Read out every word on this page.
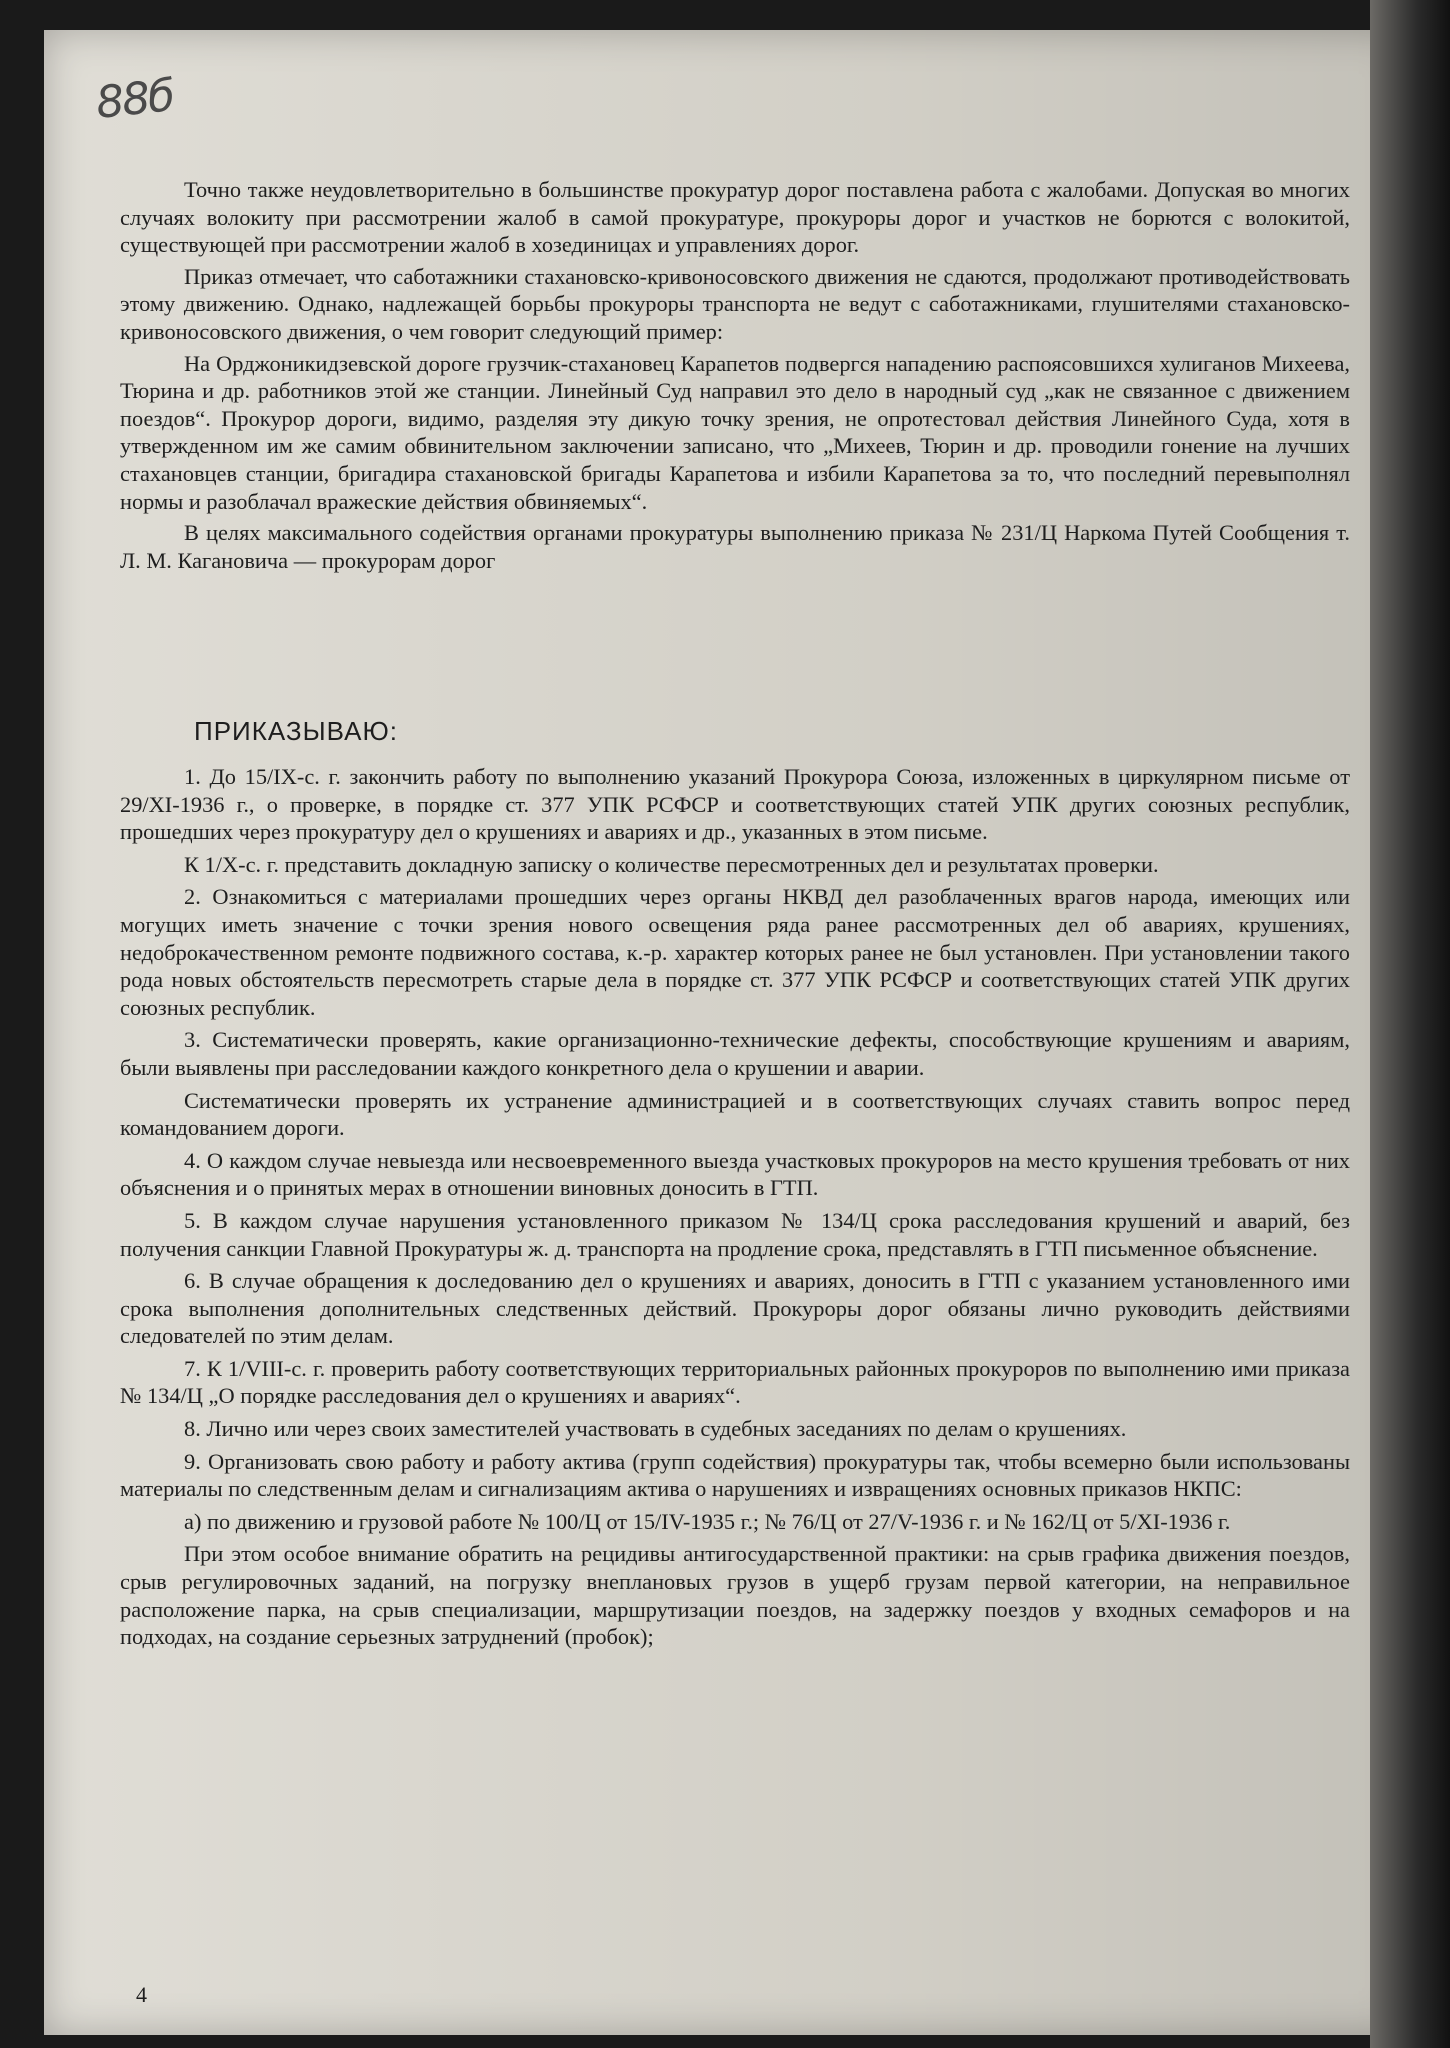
88б

Точно также неудовлетворительно в большинстве прокуратур дорог поставлена работа с жалобами. Допуская во многих случаях волокиту при рассмотрении жалоб в самой прокуратуре, прокуроры дорог и участков не борются с волокитой, существующей при рассмотрении жалоб в хозединицах и управлениях дорог.

Приказ отмечает, что саботажники стахановско-кривоносовского движения не сдаются, продолжают противодействовать этому движению. Однако, надлежащей борьбы прокуроры транспорта не ведут с саботажниками, глушителями стахановско-кривоносовского движения, о чем говорит следующий пример:

На Орджоникидзевской дороге грузчик-стахановец Карапетов подвергся нападению распоясовшихся хулиганов Михеева, Тюрина и др. работников этой же станции. Линейный Суд направил это дело в народный суд „как не связанное с движением поездов“. Прокурор дороги, видимо, разделяя эту дикую точку зрения, не опротестовал действия Линейного Суда, хотя в утвержденном им же самим обвинительном заключении записано, что „Михеев, Тюрин и др. проводили гонение на лучших стахановцев станции, бригадира стахановской бригады Карапетова и избили Карапетова за то, что последний перевыполнял нормы и разоблачал вражеские действия обвиняемых“.

В целях максимального содействия органами прокуратуры выполнению приказа № 231/Ц Наркома Путей Сообщения т. Л. М. Кагановича — прокурорам дорог

ПРИКАЗЫВАЮ:

1. До 15/IX-с. г. закончить работу по выполнению указаний Прокурора Союза, изложенных в циркулярном письме от 29/XI-1936 г., о проверке, в порядке ст. 377 УПК РСФСР и соответствующих статей УПК других союзных республик, прошедших через прокуратуру дел о крушениях и авариях и др., указанных в этом письме.

К 1/X-с. г. представить докладную записку о количестве пересмотренных дел и результатах проверки.

2. Ознакомиться с материалами прошедших через органы НКВД дел разоблаченных врагов народа, имеющих или могущих иметь значение с точки зрения нового освещения ряда ранее рассмотренных дел об авариях, крушениях, недоброкачественном ремонте подвижного состава, к.-р. характер которых ранее не был установлен. При установлении такого рода новых обстоятельств пересмотреть старые дела в порядке ст. 377 УПК РСФСР и соответствующих статей УПК других союзных республик.

3. Систематически проверять, какие организационно-технические дефекты, способствующие крушениям и авариям, были выявлены при расследовании каждого конкретного дела о крушении и аварии.

Систематически проверять их устранение администрацией и в соответствующих случаях ставить вопрос перед командованием дороги.

4. О каждом случае невыезда или несвоевременного выезда участковых прокуроров на место крушения требовать от них объяснения и о принятых мерах в отношении виновных доносить в ГТП.

5. В каждом случае нарушения установленного приказом № 134/Ц срока расследования крушений и аварий, без получения санкции Главной Прокуратуры ж. д. транспорта на продление срока, представлять в ГТП письменное объяснение.

6. В случае обращения к доследованию дел о крушениях и авариях, доносить в ГТП с указанием установленного ими срока выполнения дополнительных следственных действий. Прокуроры дорог обязаны лично руководить действиями следователей по этим делам.

7. К 1/VIII-с. г. проверить работу соответствующих территориальных районных прокуроров по выполнению ими приказа № 134/Ц „О порядке расследования дел о крушениях и авариях“.

8. Лично или через своих заместителей участвовать в судебных заседаниях по делам о крушениях.

9. Организовать свою работу и работу актива (групп содействия) прокуратуры так, чтобы всемерно были использованы материалы по следственным делам и сигнализациям актива о нарушениях и извращениях основных приказов НКПС:

а) по движению и грузовой работе № 100/Ц от 15/IV-1935 г.; № 76/Ц от 27/V-1936 г. и № 162/Ц от 5/XI-1936 г.

При этом особое внимание обратить на рецидивы антигосударственной практики: на срыв графика движения поездов, срыв регулировочных заданий, на погрузку внеплановых грузов в ущерб грузам первой категории, на неправильное расположение парка, на срыв специализации, маршрутизации поездов, на задержку поездов у входных семафоров и на подходах, на создание серьезных затруднений (пробок);

4
